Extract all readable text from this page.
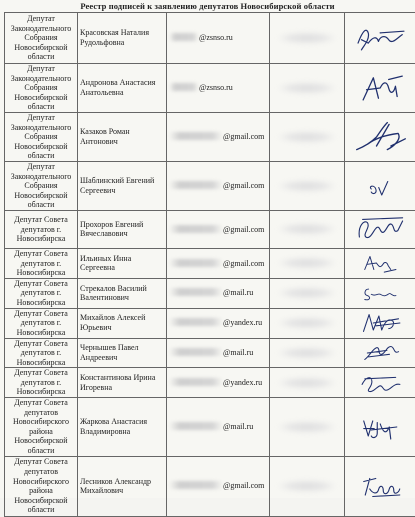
Реестр подписей к заявлению депутатов Новосибирской области
Депутат Законодательного Собрания Новосибирской области	Красовская Наталия Рудольфовна	@zsnso.ru	

Депутат Законодательного Собрания Новосибирской области	Андронова Анастасия Анатольевна	@zsnso.ru	

Депутат Законодательного Собрания Новосибирской области	Казаков Роман Антонович	@gmail.com	

Депутат Законодательного Собрания Новосибирской области	Шаблинский Евгений Сергеевич	@gmail.com	

Депутат Совета депутатов г. Новосибирска	Прохоров Евгений Вячеславович	@gmail.com	

Депутат Совета депутатов г. Новосибирска	Ильиных Инна Сергеевна	@gmail.com	

Депутат Совета депутатов г. Новосибирска	Стрекалов Василий Валентинович	@mail.ru	

Депутат Совета депутатов г. Новосибирска	Михайлов Алексей Юрьевич	@yandex.ru	

Депутат Совета депутатов г. Новосибирска	Чернышев Павел Андреевич	@mail.ru	

Депутат Совета депутатов г. Новосибирска	Константинова Ирина Игоревна	@yandex.ru	

Депутат Совета депутатов Новосибирского района Новосибирской области	Жаркова Анастасия Владимировна	@mail.ru	

Депутат Совета депутатов Новосибирского района Новосибирской области	Лесников Александр Михайлович	@gmail.com	
